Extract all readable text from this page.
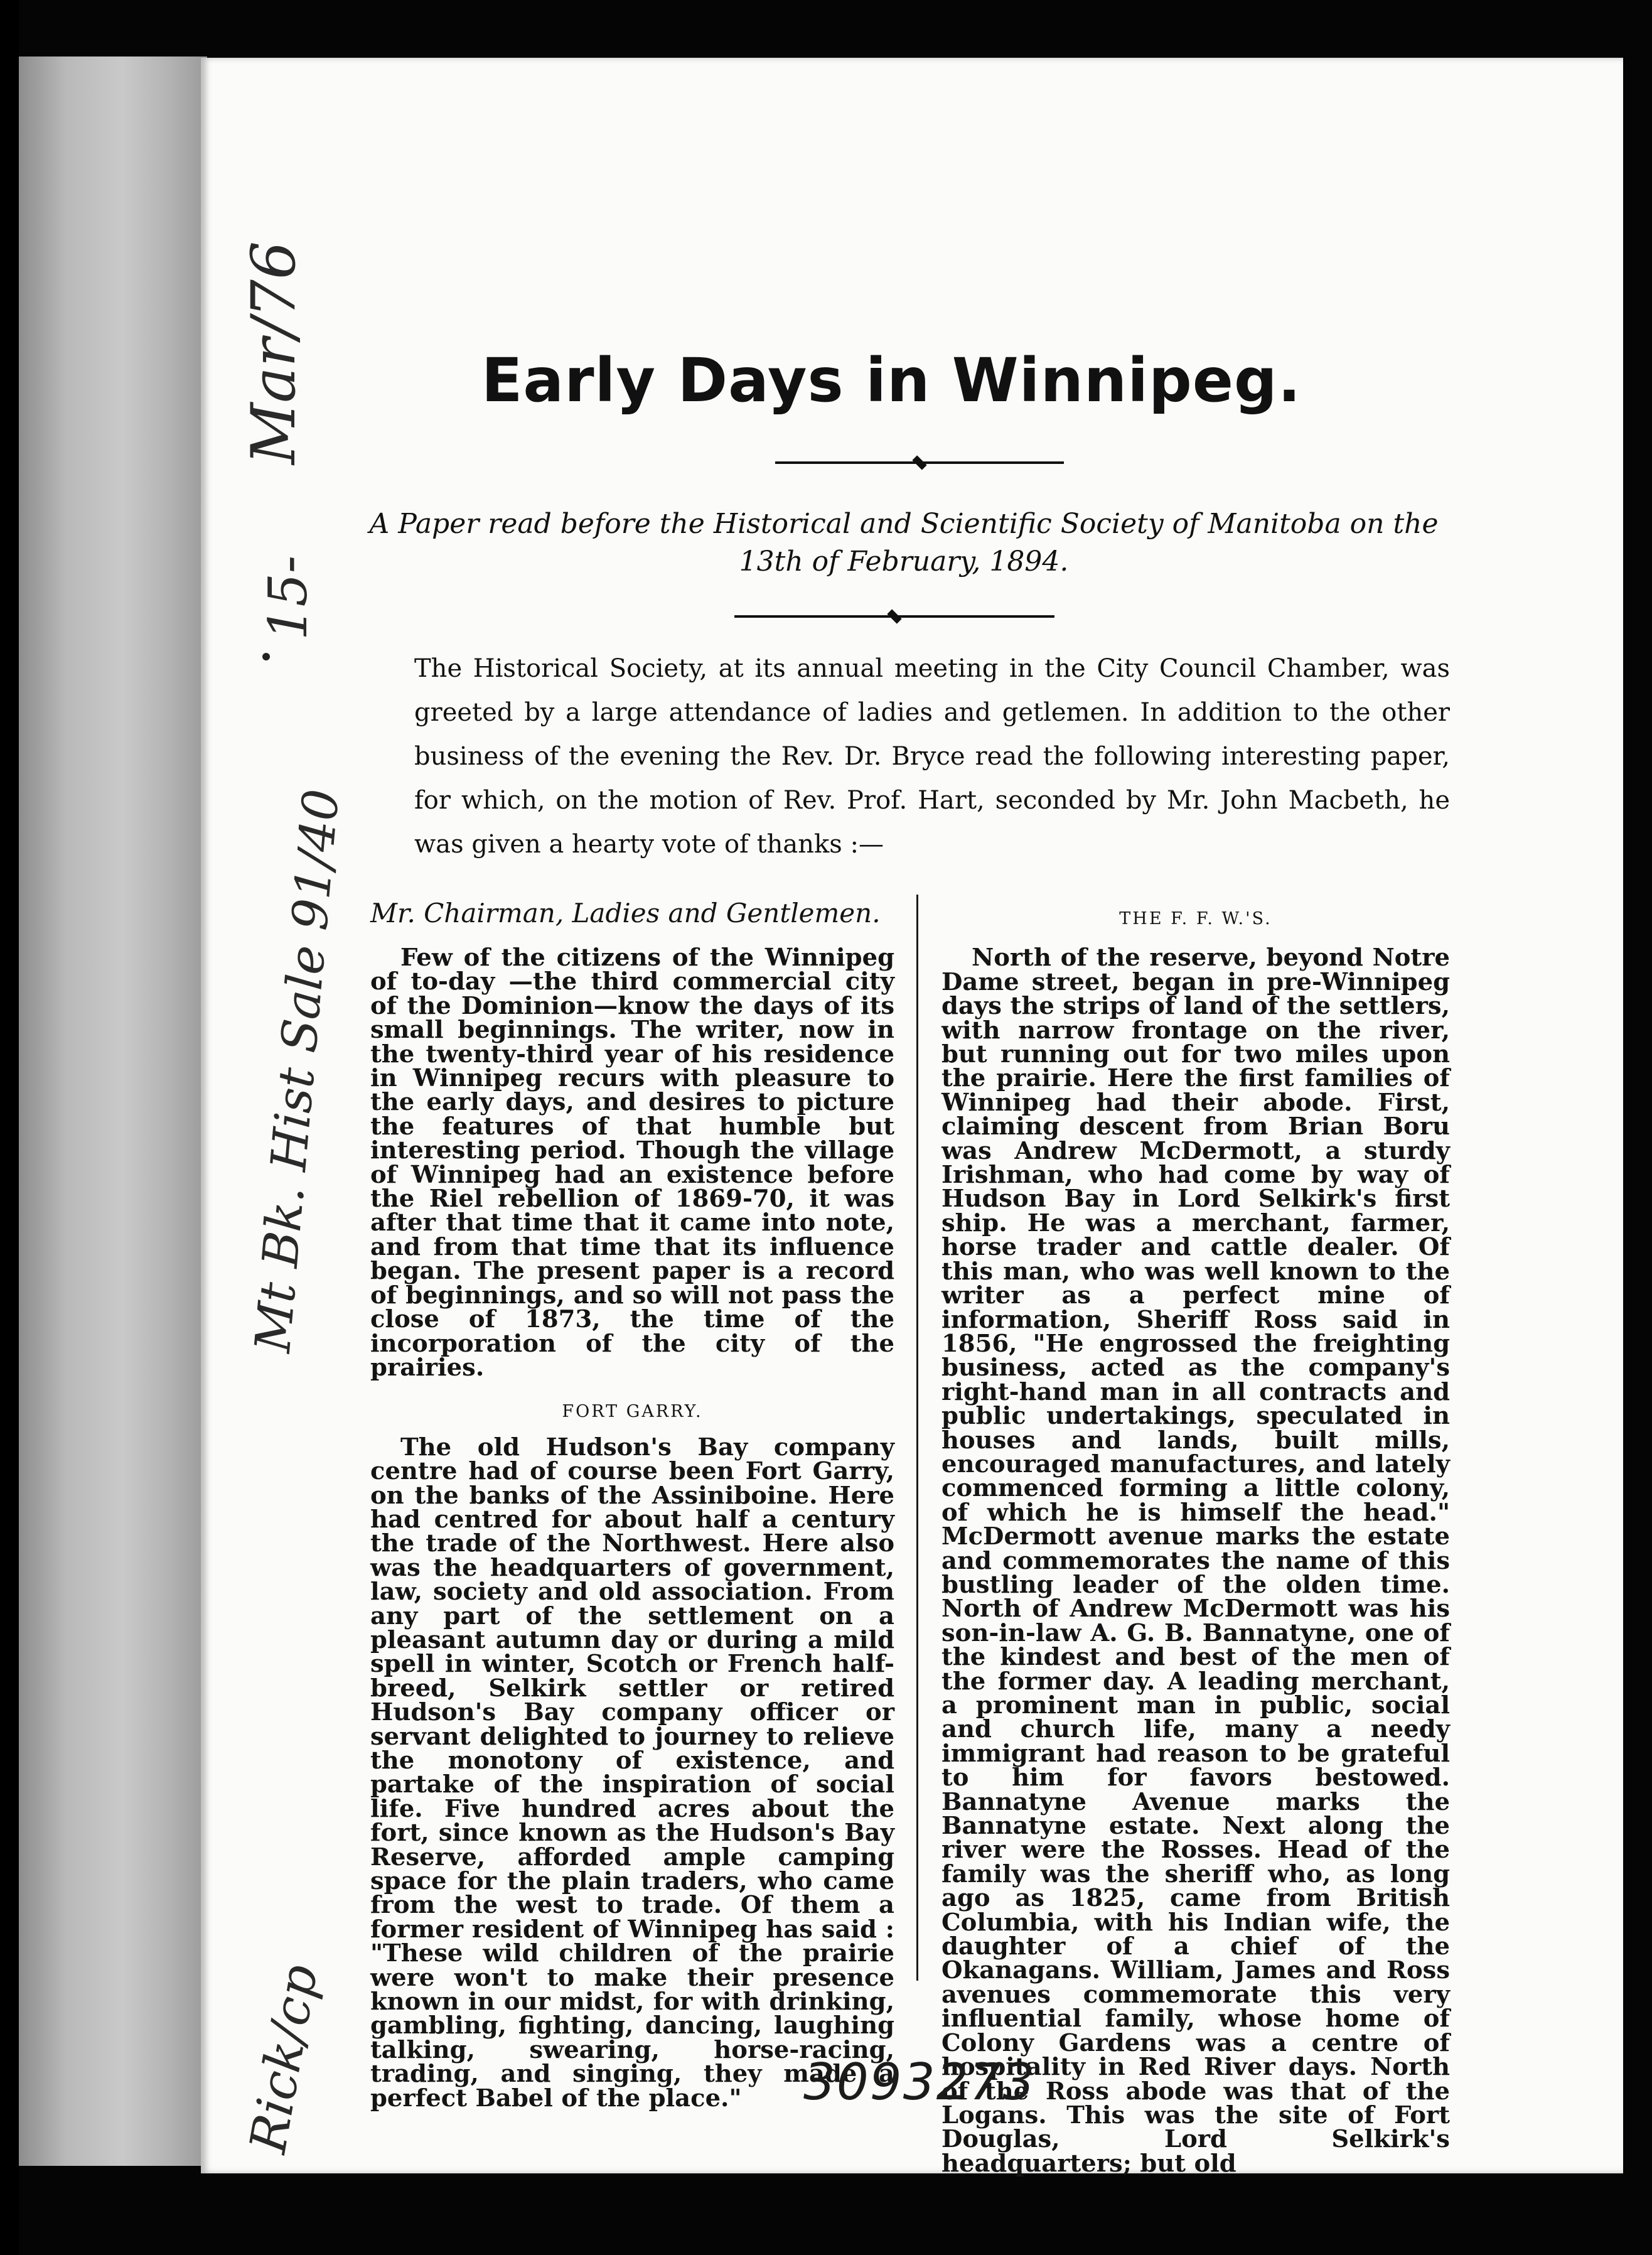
Mar/76
15-
Mt Bk. Hist Sale 91/40
Rick/cp
Early Days in Winnipeg.

A Paper read before the Historical and Scientific Society of Manitoba on the 13th of February, 1894.

The Historical Society, at its annual meeting in the City Council Chamber, was greeted by a large attendance of ladies and getlemen. In addition to the other business of the evening the Rev. Dr. Bryce read the following interesting paper, for which, on the motion of Rev. Prof. Hart, seconded by Mr. John Macbeth, he was given a hearty vote of thanks :—

Mr. Chairman, Ladies and Gentlemen.

Few of the citizens of the Winnipeg of to-day —the third commercial city of the Dominion—know the days of its small beginnings. The writer, now in the twenty-third year of his residence in Winnipeg recurs with pleasure to the early days, and desires to picture the features of that humble but interesting period. Though the village of Winnipeg had an existence before the Riel rebellion of 1869-70, it was after that time that it came into note, and from that time that its influence began. The present paper is a record of beginnings, and so will not pass the close of 1873, the time of the incorporation of the city of the prairies.

FORT GARRY.

The old Hudson's Bay company centre had of course been Fort Garry, on the banks of the Assiniboine. Here had centred for about half a century the trade of the Northwest. Here also was the headquarters of government, law, society and old association. From any part of the settlement on a pleasant autumn day or during a mild spell in winter, Scotch or French half-breed, Selkirk settler or retired Hudson's Bay company officer or servant delighted to journey to relieve the monotony of existence, and partake of the inspiration of social life. Five hundred acres about the fort, since known as the Hudson's Bay Reserve, afforded ample camping space for the plain traders, who came from the west to trade. Of them a former resident of Winnipeg has said : "These wild children of the prairie were won't to make their presence known in our midst, for with drinking, gambling, fighting, dancing, laughing talking, swearing, horse-racing, trading, and singing, they made a perfect Babel of the place."

THE F. F. W.'S.

North of the reserve, beyond Notre Dame street, began in pre-Winnipeg days the strips of land of the settlers, with narrow frontage on the river, but running out for two miles upon the prairie. Here the first families of Winnipeg had their abode. First, claiming descent from Brian Boru was Andrew McDermott, a sturdy Irishman, who had come by way of Hudson Bay in Lord Selkirk's first ship. He was a merchant, farmer, horse trader and cattle dealer. Of this man, who was well known to the writer as a perfect mine of information, Sheriff Ross said in 1856, "He engrossed the freighting business, acted as the company's right-hand man in all contracts and public undertakings, speculated in houses and lands, built mills, encouraged manufactures, and lately commenced forming a little colony, of which he is himself the head." McDermott avenue marks the estate and commemorates the name of this bustling leader of the olden time. North of Andrew McDermott was his son-in-law A. G. B. Bannatyne, one of the kindest and best of the men of the former day. A leading merchant, a prominent man in public, social and church life, many a needy immigrant had reason to be grateful to him for favors bestowed. Bannatyne Avenue marks the Bannatyne estate. Next along the river were the Rosses. Head of the family was the sheriff who, as long ago as 1825, came from British Columbia, with his Indian wife, the daughter of a chief of the Okanagans. William, James and Ross avenues commemorate this very influential family, whose home of Colony Gardens was a centre of hospitality in Red River days. North of the Ross abode was that of the Logans. This was the site of Fort Douglas, Lord Selkirk's headquarters; but old

3093273
